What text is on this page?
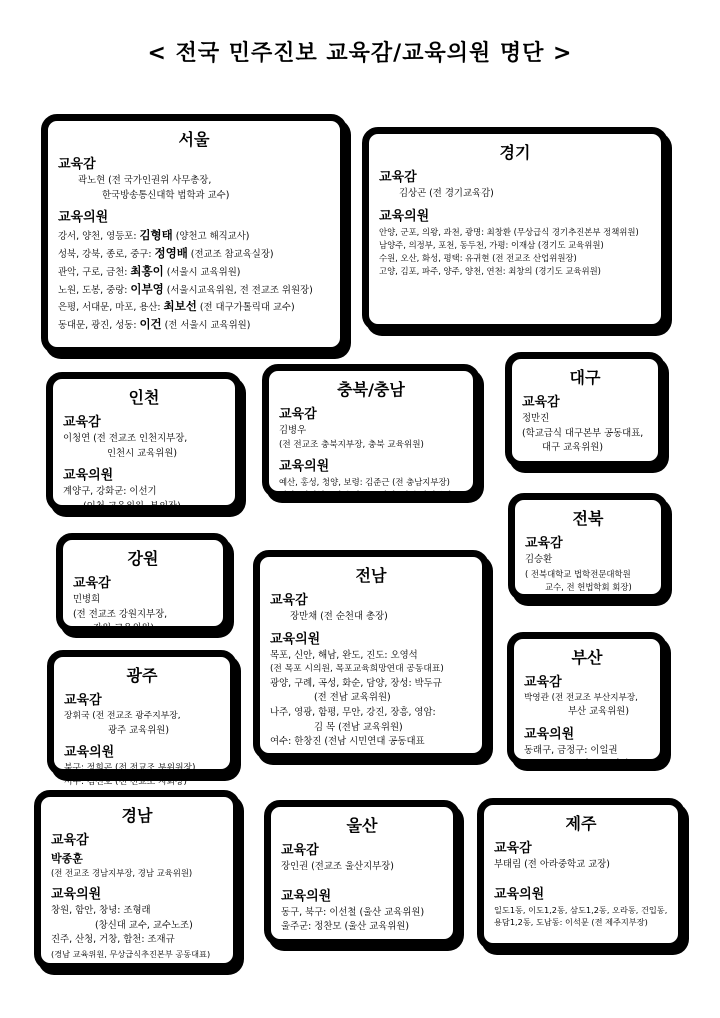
< 전국 민주진보 교육감/교육의원 명단 >
서울
교육감
곽노현 (전 국가인권위 사무총장,
한국방송통신대학 법학과 교수)
교육의원
강서, 양천, 영등포: 김형태 (양천고 해직교사)
성북, 강북, 종로, 중구: 정영배 (전교조 참교육실장)
관악, 구로, 금천: 최홍이 (서울시 교육위원)
노원, 도봉, 중랑: 이부영 (서울시교육위원, 전 전교조 위원장)
은평, 서대문, 마포, 용산: 최보선 (전 대구가톨릭대 교수)
동대문, 광진, 성동: 이건 (전 서울시 교육위원)
경기
교육감
김상곤 (전 경기교육감)
교육의원
안양, 군포, 의왕, 과천, 광명: 최창환 (무상급식 경기추진본부 정책위원)
남양주, 의정부, 포천, 동두천, 가평: 이재삼 (경기도 교육위원)
수원, 오산, 화성, 평택: 유귀현 (전 전교조 산업위원장)
고양, 김포, 파주, 양주, 양천, 연천: 최창의 (경기도 교육위원)
인천
교육감
이청연 (전 전교조 인천지부장,
인천시 교육위원)
교육의원
계양구, 강화군: 이선기
(인천 교육위원, 부의장)
충북/충남
교육감
김병우
(전 전교조 충북지부장, 충북 교육위원)
교육의원
예산, 홍성, 청양, 보령: 김준근 (전 충남지부장)
천안: 김지철 ( 전 충남 교육위원, 전 충남지부장)
대구
교육감
정만진
(학교급식 대구본부 공동대표,
대구 교육위원)
전북
교육감
김승환
( 전북대학교 법학전문대학원
교수, 전 헌법학회 회장)
강원
교육감
민병희
(전 전교조 강원지부장,
강원 교육위원)
전남
교육감
장만채 (전 순천대 총장)
교육의원
목포, 신안, 해남, 완도, 진도: 오영석
(전 목포 시의원, 목포교육희망연대 공동대표)
광양, 구례, 곡성, 화순, 담양, 장성: 박두규
(전 전남 교육위원)
나주, 영광, 함평, 무안, 강진, 장흥, 영암:
김 목 (전남 교육위원)
여수: 한창진 (전남 시민연대 공동대표
광주
교육감
장휘국 (전 전교조 광주지부장,
광주 교육위원)
교육의원
북구: 정희곤 (전 전교조 부위원장)
서구: 김선호 (전 전교조 지회장)
부산
교육감
박영관 (전 전교조 부산지부장,
부산 교육위원)
교육의원
동래구, 금정구: 이일권
(부산 교육위원)
경남
교육감
박종훈
(전 전교조 경남지부장, 경남 교육위원)
교육의원
창원, 함안, 창녕: 조형래
(창신대 교수, 교수노조)
진주, 산청, 거창, 합천: 조재규
(경남 교육위원, 무상급식추진본부 공동대표)
울산
교육감
장인권 (전교조 울산지부장)
교육의원
동구, 북구: 이선철 (울산 교육위원)
울주군: 정찬모 (울산 교육위원)
제주
교육감
부태림 (전 아라중학교 교장)
교육의원
일도1동, 이도1,2동, 삼도1,2동, 오라동, 건입동,
용담1,2동, 도남동: 이석문 (전 제주지부장)
